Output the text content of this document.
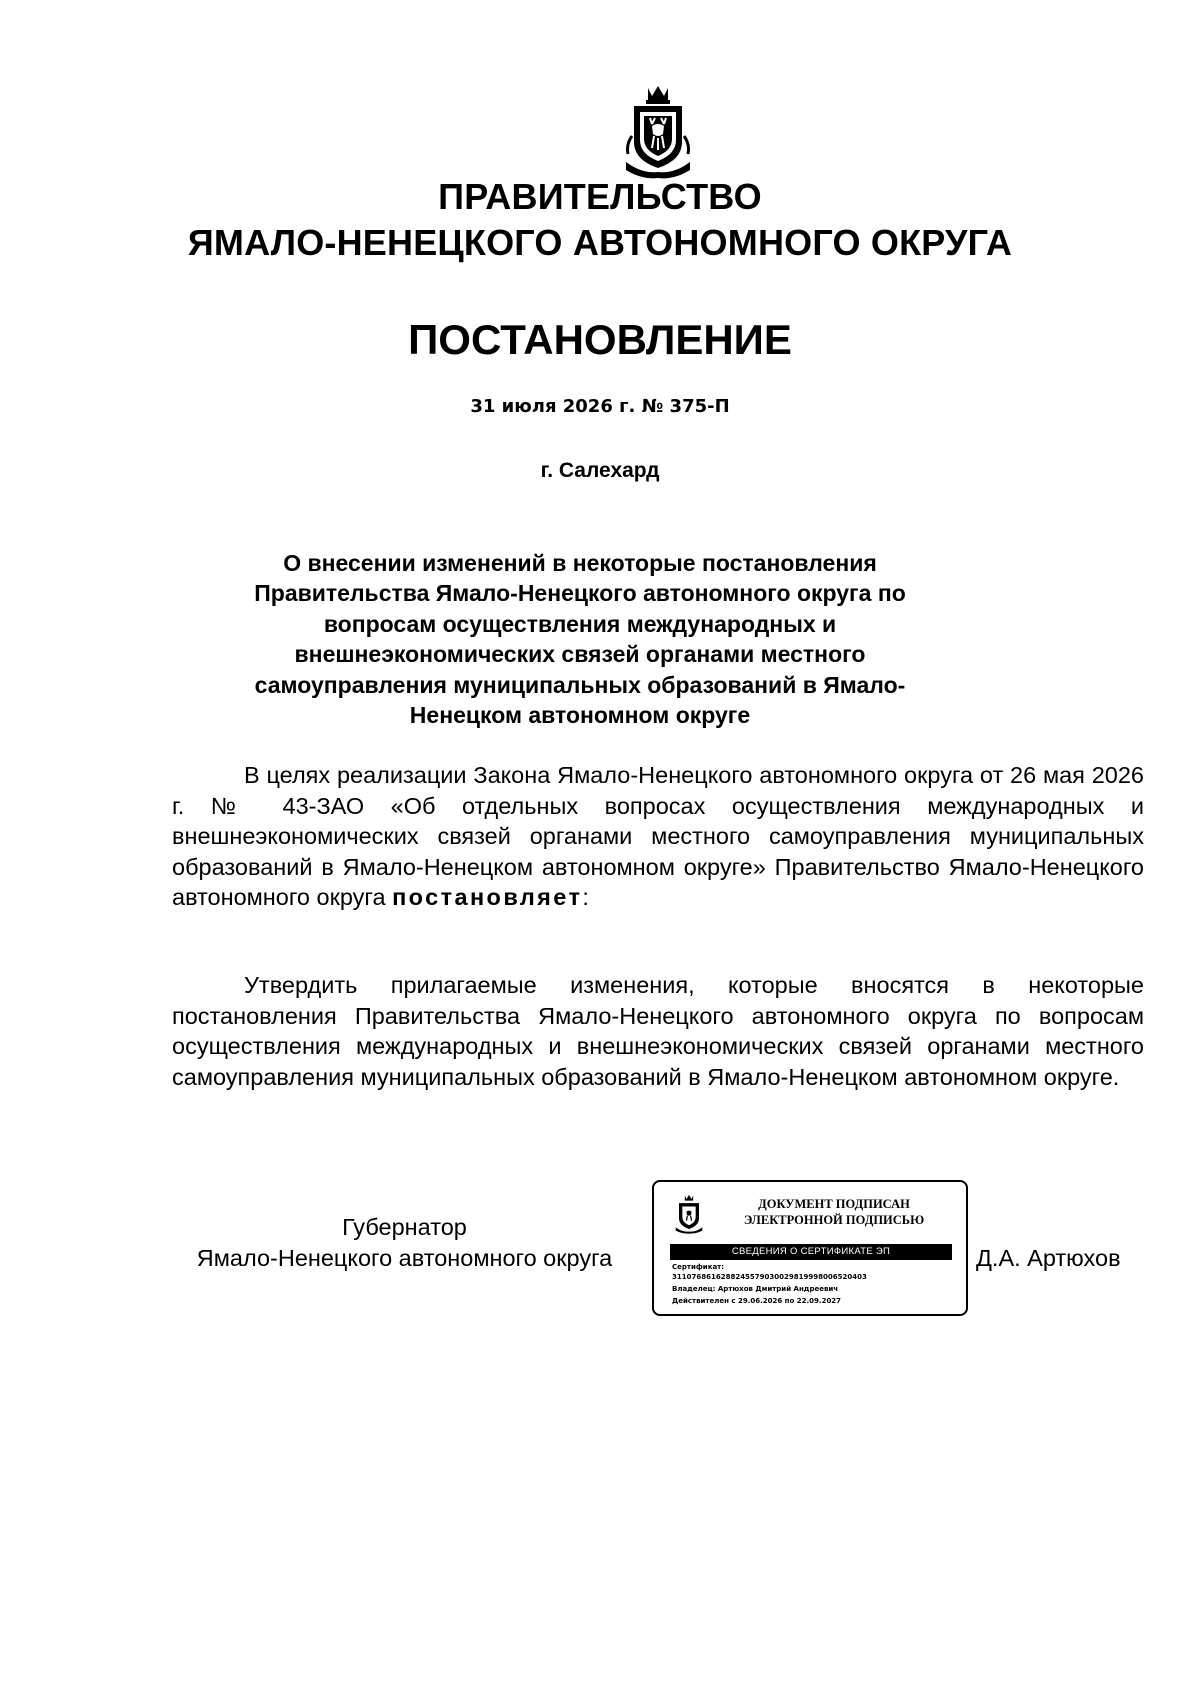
ПРАВИТЕЛЬСТВО
ЯМАЛО-НЕНЕЦКОГО АВТОНОМНОГО ОКРУГА
ПОСТАНОВЛЕНИЕ
31 июля 2026 г. № 375-П
г. Салехард
О внесении изменений в некоторые постановления Правительства Ямало-Ненецкого автономного округа по вопросам осуществления международных и внешнеэкономических связей органами местного самоуправления муниципальных образований в Ямало-Ненецком автономном округе
В целях реализации Закона Ямало-Ненецкого автономного округа от 26 мая 2026 г. № 43-ЗАО «Об отдельных вопросах осуществления международных и внешнеэкономических связей органами местного самоуправления муниципальных образований в Ямало-Ненецком автономном округе» Правительство Ямало-Ненецкого автономного округа постановляет:
Утвердить прилагаемые изменения, которые вносятся в некоторые постановления Правительства Ямало-Ненецкого автономного округа по вопросам осуществления международных и внешнеэкономических связей органами местного самоуправления муниципальных образований в Ямало-Ненецком автономном округе.
Губернатор
Ямало-Ненецкого автономного округа
ДОКУМЕНТ ПОДПИСАН
ЭЛЕКТРОННОЙ ПОДПИСЬЮ
СВЕДЕНИЯ О СЕРТИФИКАТЕ ЭП
Сертификат:
3110768616288245579030029819998006520403
Владелец: Артюхов Дмитрий Андреевич
Действителен с 29.06.2026 по 22.09.2027
Д.А. Артюхов
